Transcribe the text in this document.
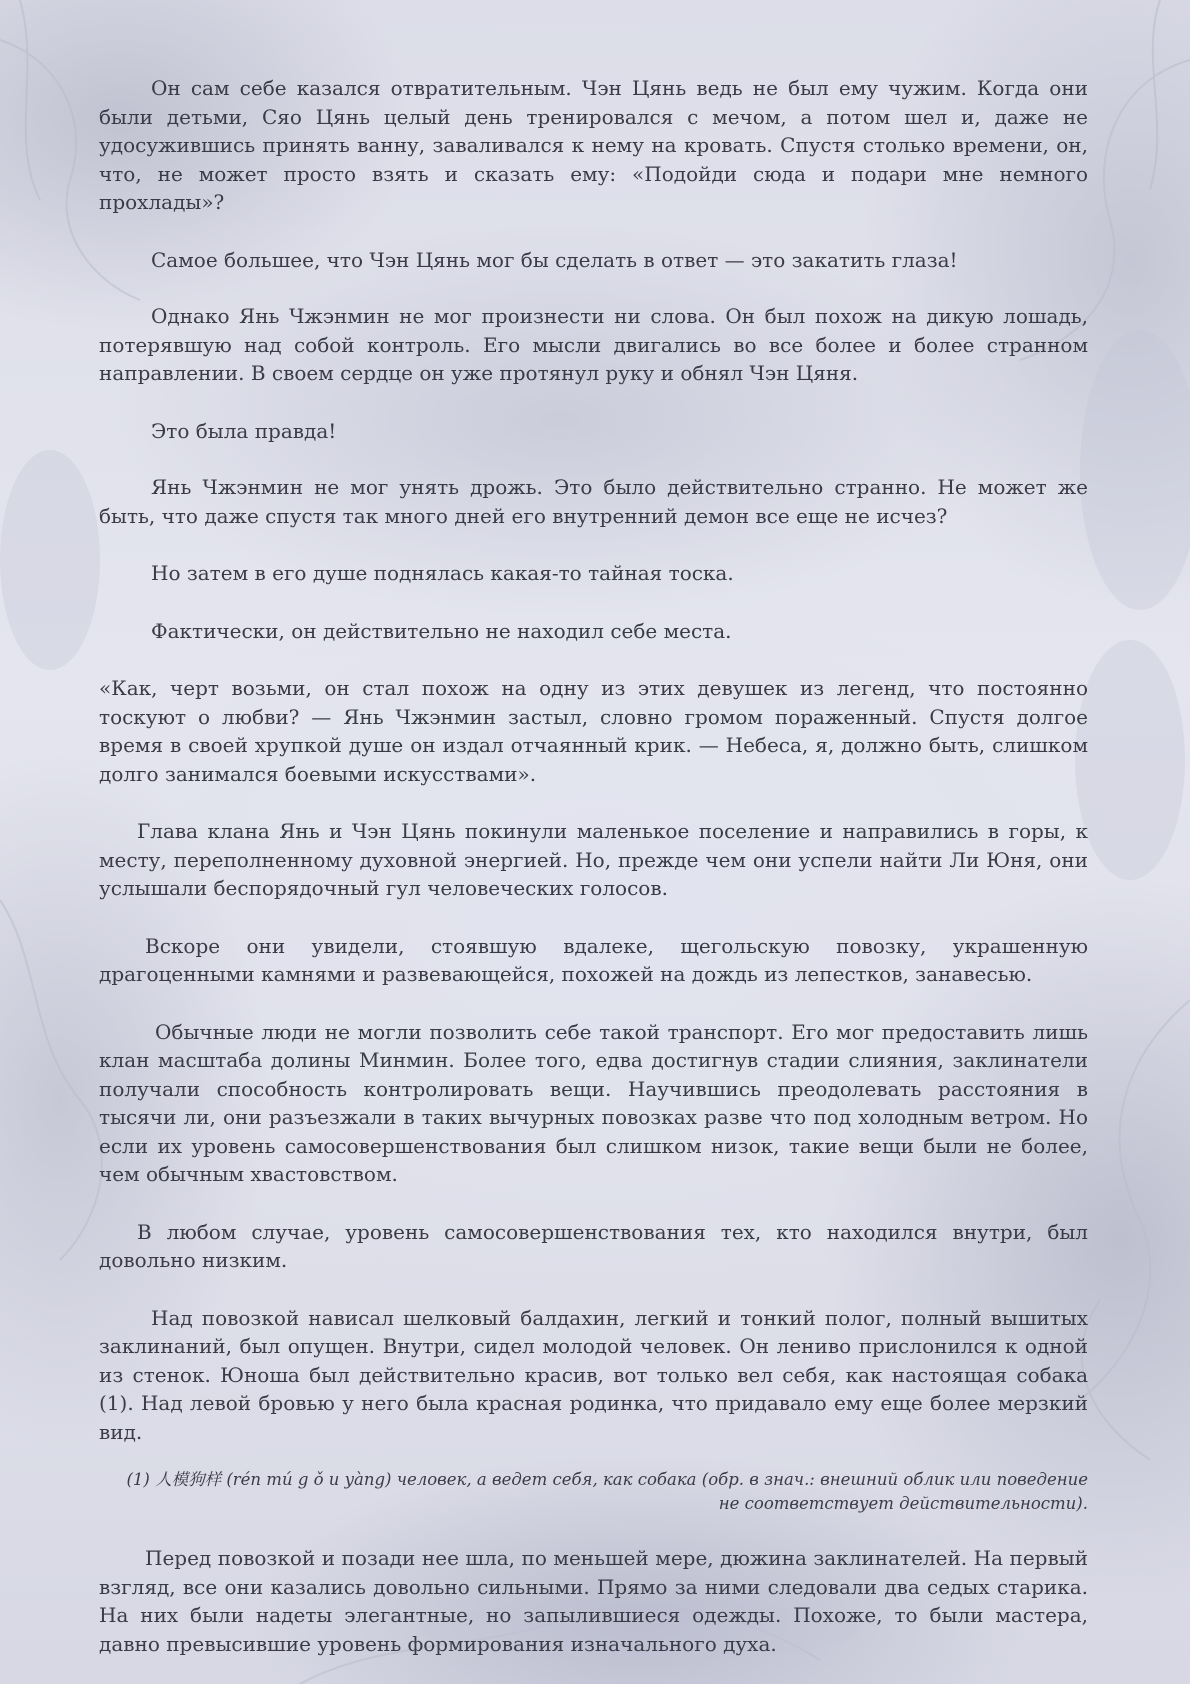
Он сам себе казался отвратительным. Чэн Цянь ведь не был ему чужим. Когда они были детьми, Сяо Цянь целый день тренировался с мечом, а потом шел и, даже не удосужившись принять ванну, заваливался к нему на кровать. Спустя столько времени, он, что, не может просто взять и сказать ему: «Подойди сюда и подари мне немного прохлады»?

Самое большее, что Чэн Цянь мог бы сделать в ответ — это закатить глаза!

Однако Янь Чжэнмин не мог произнести ни слова. Он был похож на дикую лошадь, потерявшую над собой контроль. Его мысли двигались во все более и более странном направлении. В своем сердце он уже протянул руку и обнял Чэн Цяня.

Это была правда!

Янь Чжэнмин не мог унять дрожь. Это было действительно странно. Не может же быть, что даже спустя так много дней его внутренний демон все еще не исчез?

Но затем в его душе поднялась какая-то тайная тоска.

Фактически, он действительно не находил себе места.

«Как, черт возьми, он стал похож на одну из этих девушек из легенд, что постоянно тоскуют о любви? — Янь Чжэнмин застыл, словно громом пораженный. Спустя долгое время в своей хрупкой душе он издал отчаянный крик. — Небеса, я, должно быть, слишком долго занимался боевыми искусствами».

Глава клана Янь и Чэн Цянь покинули маленькое поселение и направились в горы, к месту, переполненному духовной энергией. Но, прежде чем они успели найти Ли Юня, они услышали беспорядочный гул человеческих голосов.

Вскоре они увидели, стоявшую вдалеке, щегольскую повозку, украшенную драгоценными камнями и развевающейся, похожей на дождь из лепестков, занавесью.

Обычные люди не могли позволить себе такой транспорт. Его мог предоставить лишь клан масштаба долины Минмин. Более того, едва достигнув стадии слияния, заклинатели получали способность контролировать вещи. Научившись преодолевать расстояния в тысячи ли, они разъезжали в таких вычурных повозках разве что под холодным ветром. Но если их уровень самосовершенствования был слишком низок, такие вещи были не более, чем обычным хвастовством.

В любом случае, уровень самосовершенствования тех, кто находился внутри, был довольно низким.

Над повозкой нависал шелковый балдахин, легкий и тонкий полог, полный вышитых заклинаний, был опущен. Внутри, сидел молодой человек. Он лениво прислонился к одной из стенок. Юноша был действительно красив, вот только вел себя, как настоящая собака (1). Над левой бровью у него была красная родинка, что придавало ему еще более мерзкий вид.

(1) 人模狗样 (rén mú g ǒ u yàng) человек, а ведет себя, как собака (обр. в знач.: внешний облик или поведение
не соответствует действительности).

Перед повозкой и позади нее шла, по меньшей мере, дюжина заклинателей. На первый взгляд, все они казались довольно сильными. Прямо за ними следовали два седых старика. На них были надеты элегантные, но запылившиеся одежды. Похоже, то были мастера, давно превысившие уровень формирования изначального духа.
